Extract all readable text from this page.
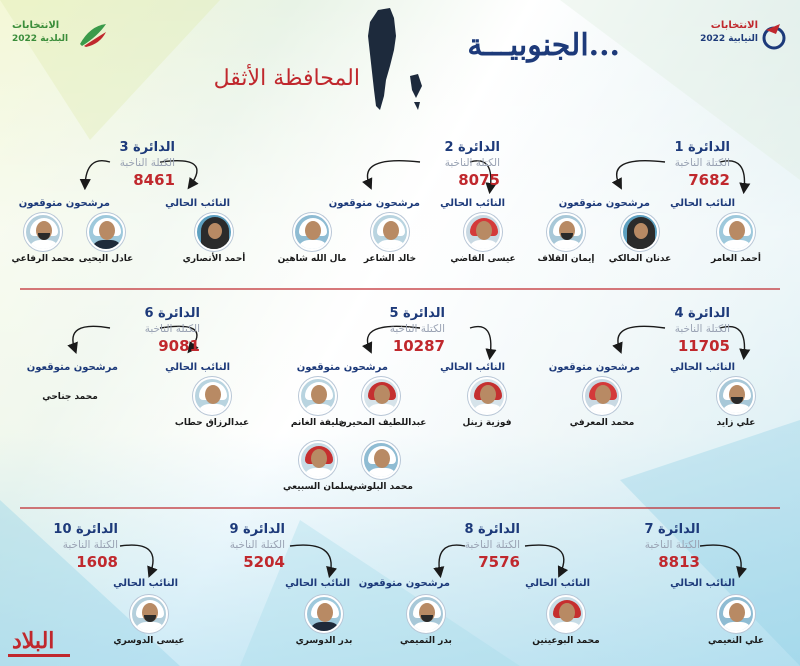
الانتخابات
البلدية 2022
الانتخابات
النيابية 2022
الجنوبيـــة...
المحافظة الأثقل
الدائرة 1
الكتلة الناخبة
7682
النائب الحالي
أحمد العامر
مرشحون متوقعون
عدنان المالكي
إيمان القلاف
الدائرة 2
الكتلة الناخبة
8075
النائب الحالي
عيسى القاضي
مرشحون متوقعون
خالد الشاعر
مال الله شاهين
الدائرة 3
الكتلة الناخبة
8461
النائب الحالي
أحمد الأنصاري
مرشحون متوقعون
عادل اليحيى
محمد الرفاعي
الدائرة 4
الكتلة الناخبة
11705
النائب الحالي
علي زايد
مرشحون متوقعون
محمد المعرفي
الدائرة 5
الكتلة الناخبة
10287
النائب الحالي
فوزية زينل
مرشحون متوقعون
عبداللطيف المحيرن
خليفة الغانم
محمد البلوشي
سلمان السبيعي
الدائرة 6
الكتلة الناخبة
9081
النائب الحالي
عبدالرزاق حطاب
مرشحون متوقعون
محمد جناحي
الدائرة 7
الكتلة الناخبة
8813
النائب الحالي
علي النعيمي
الدائرة 8
الكتلة الناخبة
7576
النائب الحالي
محمد البوعينين
مرشحون متوقعون
بدر التميمي
الدائرة 9
الكتلة الناخبة
5204
النائب الحالي
بدر الدوسري
الدائرة 10
الكتلة الناخبة
1608
النائب الحالي
عيسى الدوسري
البلاد
